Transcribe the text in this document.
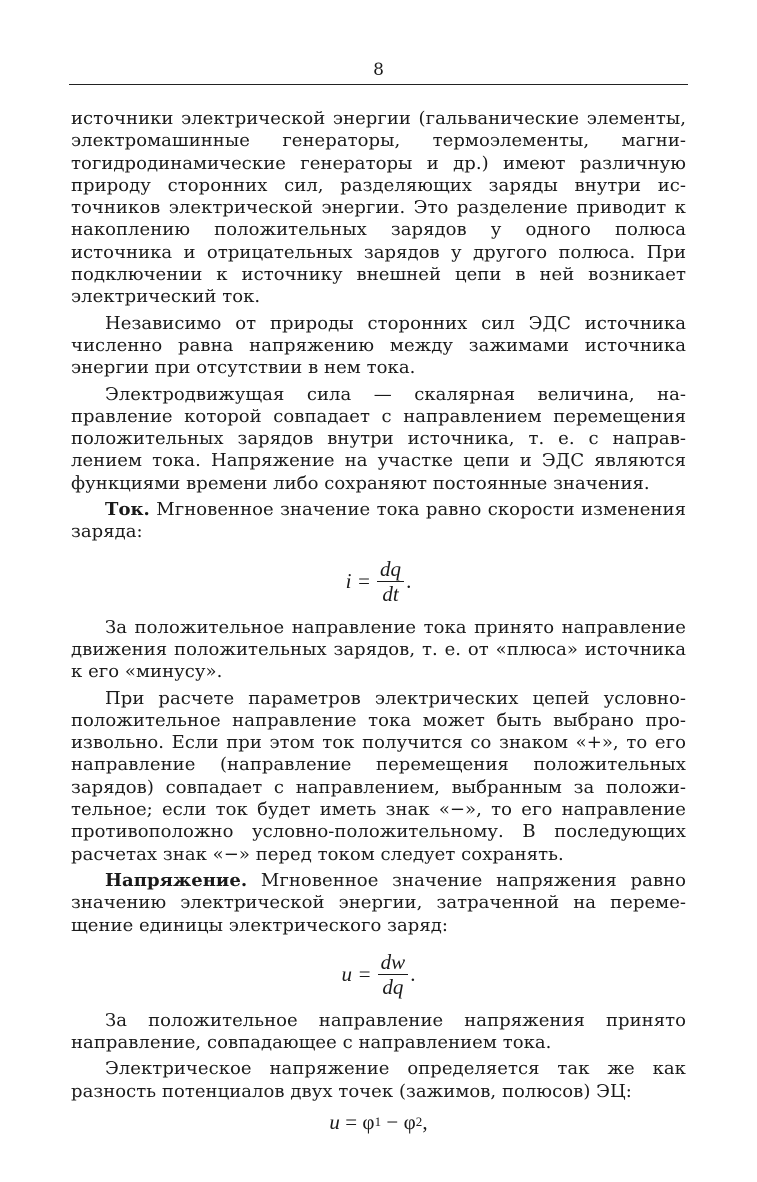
8

источники электрической энергии (гальванические элементы, электромашинные генераторы, термоэлементы, магнитогидродинамические генераторы и др.) имеют различную природу сторонних сил, разделяющих заряды внутри источников электрической энергии. Это разделение приводит к накоплению положительных зарядов у одного полюса источника и отрицательных зарядов у другого полюса. При подключении к источнику внешней цепи в ней возникает электрический ток.

Независимо от природы сторонних сил ЭДС источника численно равна напряжению между зажимами источника энергии при отсутствии в нем тока.

Электродвижущая сила — скалярная величина, направление которой совпадает с направлением перемещения положительных зарядов внутри источника, т. е. с направлением тока. Напряжение на участке цепи и ЭДС являются функциями времени либо сохраняют постоянные значения.

Ток. Мгновенное значение тока равно скорости изменения заряда:

$i = \frac{dq}{dt}$ .

За положительное направление тока принято направление движения положительных зарядов, т. е. от «плюса» источника к его «минусу».

При расчете параметров электрических цепей условно-положительное направление тока может быть выбрано произвольно. Если при этом ток получится со знаком «+», то его направление (направление перемещения положительных зарядов) совпадает с направлением, выбранным за положительное; если ток будет иметь знак «−», то его направление противоположно условно-положительному. В последующих расчетах знак «−» перед током следует сохранять.

Напряжение. Мгновенное значение напряжения равно значению электрической энергии, затраченной на перемещение единицы электрического заряд:

$u = \frac{dw}{dq}$ .

За положительное направление напряжения принято направление, совпадающее с направлением тока.

Электрическое напряжение определяется так же как разность потенциалов двух точек (зажимов, полюсов) ЭЦ:

u = φ 1 − φ 2 ,
